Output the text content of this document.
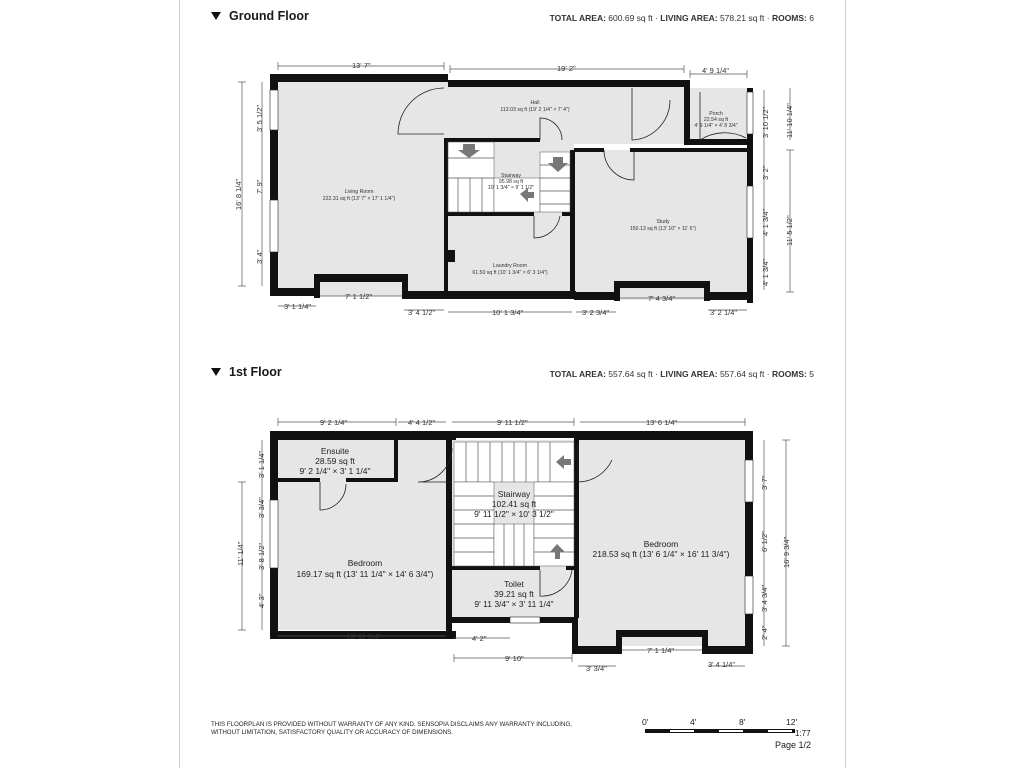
Ground Floor	TOTAL AREA: 600.69 sq ft · LIVING AREA: 578.21 sq ft · ROOMS: 6
1st Floor	TOTAL AREA: 557.64 sq ft · LIVING AREA: 557.64 sq ft · ROOMS: 5
Living Room
222.31 sq ft (13' 7" × 17' 1 1/4")
Hall
113.03 sq ft (19' 2 1/4" × 7' 4")
Porch
22.54 sq ft
4' 9 1/4" × 4' 8 3/4"
Stairway
95.98 sq ft
10' 1 3/4" × 9' 1 1/2"
Laundry Room
61.50 sq ft (10' 1 3/4" × 6' 3 1/4")
Study
150.13 sq ft (13' 10" × 11' 6")
13' 7"	19' 2"	4' 9 1/4"
16' 8 1/4"
3' 5 1/2"
7' 9"
3' 4"
3' 10 1/2" 11' 10 1/4"
3' 2"
4' 1 3/4"
4' 1 3/4"
11' 5 1/2"
7' 1 1/2"	7' 4 3/4"
3' 1 1/4"
3' 4 1/2"	10' 1 3/4"	3' 2 3/4"	3' 2 1/4"
Ensuite
28.59 sq ft
9' 2 1/4" × 3' 1 1/4"
Bedroom
169.17 sq ft (13' 11 1/4" × 14' 6 3/4")
Stairway
102.41 sq ft
9' 11 1/2" × 10' 3 1/2"
Toilet
39.21 sq ft
9' 11 3/4" × 3' 11 1/4"
Bedroom
218.53 sq ft (13' 6 1/4" × 16' 11 3/4")
9' 2 1/4"	4' 4 1/2"	9' 11 1/2"	13' 6 1/4"
3' 1 1/4"
3' 3/4"
3' 8 1/2"
4' 3"
11' 1/4"
3' 7"
6' 1/2"
3' 4 3/4"
2' 4"
16' 9 3/4"
13' 11 1/4"	4' 2"
9' 10"
7' 1 1/4"
3' 3/4"	3' 4 1/4"
THIS FLOORPLAN IS PROVIDED WITHOUT WARRANTY OF ANY KIND. SENSOPIA DISCLAIMS ANY WARRANTY INCLUDING,
WITHOUT LIMITATION, SATISFACTORY QUALITY OR ACCURACY OF DIMENSIONS.
0'	4'	8'	12'
1:77
Page 1/2
